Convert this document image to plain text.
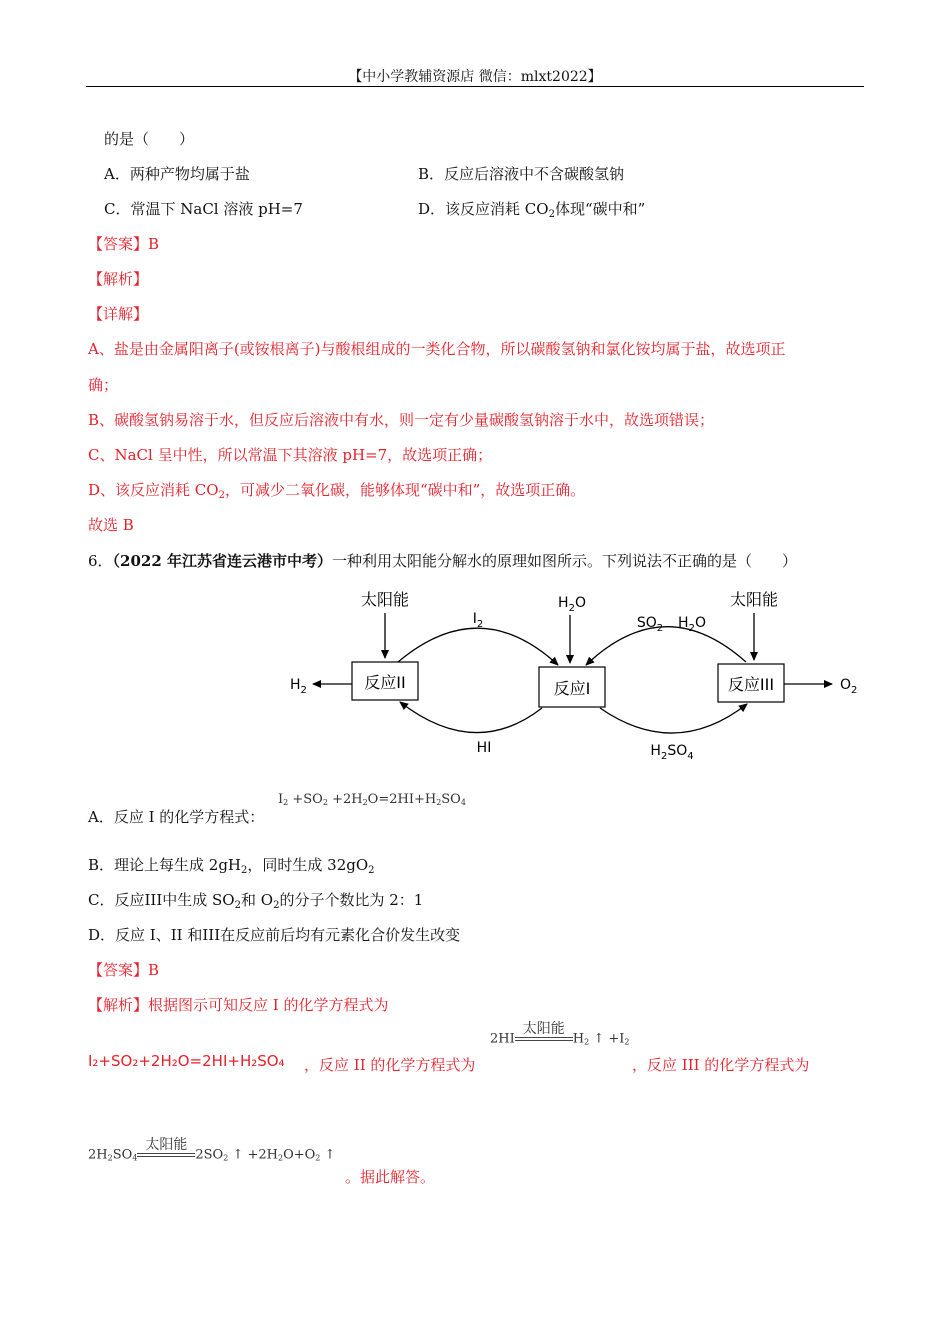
【中小学教辅资源店 微信：mlxt2022】
的是（　　）
A．两种产物均属于盐	B．反应后溶液中不含碳酸氢钠
C．常温下 NaCl 溶液 pH=7	D．该反应消耗 $CO_2$体现“碳中和”
【答案】B
【解析】
【详解】
A、盐是由金属阳离子(或铵根离子)与酸根组成的一类化合物，所以碳酸氢钠和氯化铵均属于盐，故选项正
确；
B、碳酸氢钠易溶于水，但反应后溶液中有水，则一定有少量碳酸氢钠溶于水中，故选项错误；
C、NaCl 呈中性，所以常温下其溶液 pH=7，故选项正确；
D、该反应消耗 $CO_2$，可减少二氧化碳，能够体现“碳中和”，故选项正确。
故选 B
6．（2022 年江苏省连云港市中考）一种利用太阳能分解水的原理如图所示。下列说法不正确的是（　　）
太阳能
$I_2$
$H_2O$
$SO_2$ $H_2O$
太阳能
反应II	反应I	反应III
$H_2$	$O_2$
HI	$H_2SO_4$
A．反应 I 的化学方程式：
$I_2 +SO_2 +2H_2O=2HI+H_2SO_4$
B．理论上每生成 $2gH_2$，同时生成 $32gO_2$
C．反应III中生成 $SO_2$和 $O_2$的分子个数比为 2：1
D．反应 I、II 和III在反应前后均有元素化合价发生改变
【答案】B
【解析】根据图示可知反应 I 的化学方程式为
I₂+SO₂+2H₂O=2HI+H₂SO₄ ，反应 II 的化学方程式为
2HI
太阳能
$H_2$ ↑ $+I_2$
，反应 III 的化学方程式为
$2H_2SO_4$
太阳能
$2SO_2$ ↑ $+2H_2O+O_2$ ↑
。据此解答。
